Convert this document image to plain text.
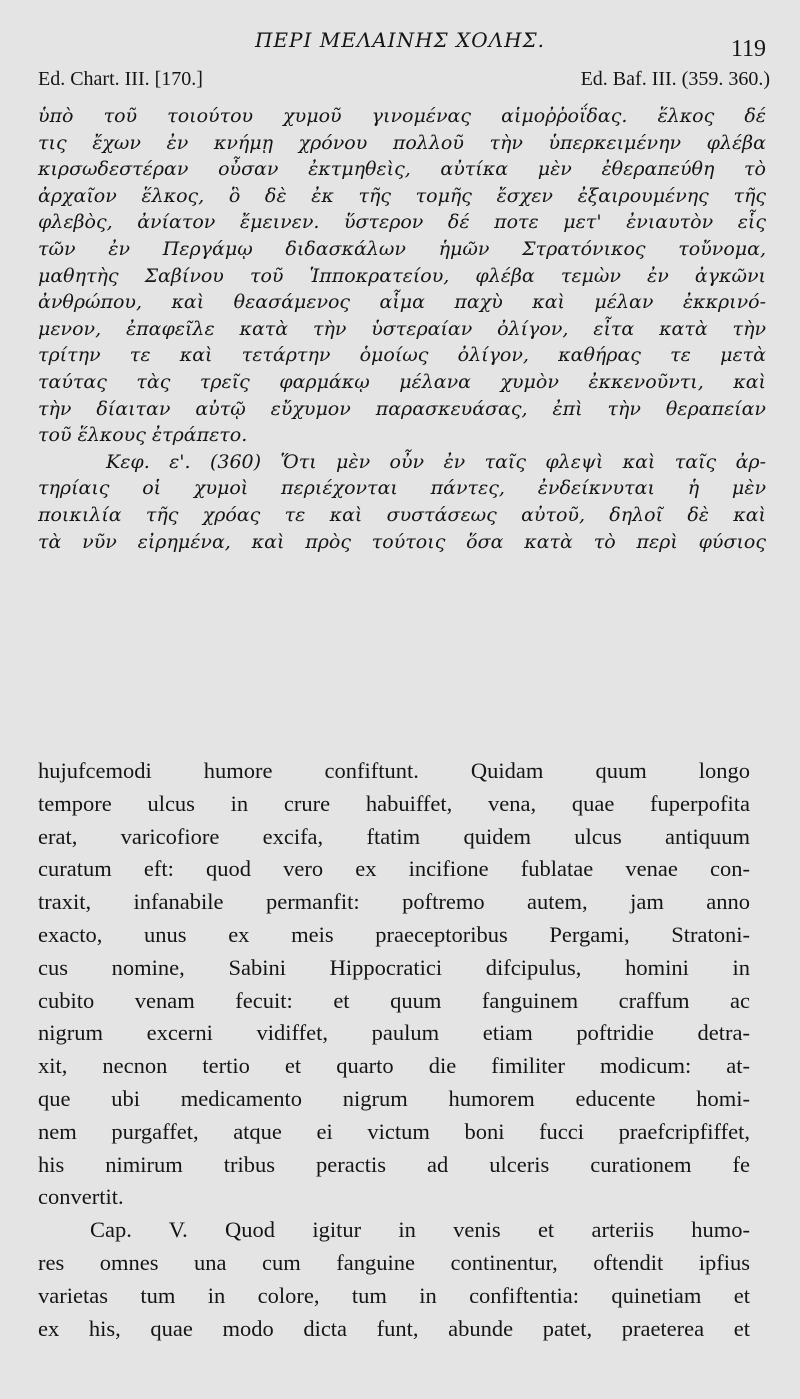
ΠΕΡΙ ΜΕΛΑΙΝΗΣ ΧΟΛΗΣ.	119
Ed. Chart. III. [170.]	Ed. Baf. III. (359. 360.)
ὑπὸ τοῦ τοιούτου χυμοῦ γινομένας αἱμοῤῥοΐδας. ἕλκος δέ
τις ἔχων ἐν κνήμῃ χρόνου πολλοῦ τὴν ὑπερκειμένην φλέβα
κιρσωδεστέραν οὖσαν ἐκτμηθεὶς, αὐτίκα μὲν ἐθεραπεύθη τὸ
ἀρχαῖον ἕλκος, ὃ δὲ ἐκ τῆς τομῆς ἔσχεν ἐξαιρουμένης τῆς
φλεβὸς, ἀνίατον ἔμεινεν. ὕστερον δέ ποτε μετ' ἐνιαυτὸν εἷς
τῶν ἐν Περγάμῳ διδασκάλων ἡμῶν Στρατόνικος τοὔνομα,
μαθητὴς Σαβίνου τοῦ Ἱπποκρατείου, φλέβα τεμὼν ἐν ἀγκῶνι
ἀνθρώπου, καὶ θεασάμενος αἷμα παχὺ καὶ μέλαν ἐκκρινό-
μενον, ἐπαφεῖλε κατὰ τὴν ὑστεραίαν ὀλίγον, εἶτα κατὰ τὴν
τρίτην τε καὶ τετάρτην ὁμοίως ὀλίγον, καθήρας τε μετὰ
ταύτας τὰς τρεῖς φαρμάκῳ μέλανα χυμὸν ἐκκενοῦντι, καὶ
τὴν δίαιταν αὐτῷ εὔχυμον παρασκευάσας, ἐπὶ τὴν θεραπείαν
τοῦ ἕλκους ἐτράπετο.
Κεφ. ε'. (360) Ὅτι μὲν οὖν ἐν ταῖς φλεψὶ καὶ ταῖς ἀρ-
τηρίαις οἱ χυμοὶ περιέχονται πάντες, ἐνδείκνυται ἡ μὲν
ποικιλία τῆς χρόας τε καὶ συστάσεως αὐτοῦ, δηλοῖ δὲ καὶ
τὰ νῦν εἰρημένα, καὶ πρὸς τούτοις ὅσα κατὰ τὸ περὶ φύσιος
hujufcemodi humore confiftunt. Quidam quum longo
tempore ulcus in crure habuiffet, vena, quae fuperpofita
erat, varicofiore excifa, ftatim quidem ulcus antiquum
curatum eft: quod vero ex incifione fublatae venae con-
traxit, infanabile permanfit: poftremo autem, jam anno
exacto, unus ex meis praeceptoribus Pergami, Stratoni-
cus nomine, Sabini Hippocratici difcipulus, homini in
cubito venam fecuit: et quum fanguinem craffum ac
nigrum excerni vidiffet, paulum etiam poftridie detra-
xit, necnon tertio et quarto die fimiliter modicum: at-
que ubi medicamento nigrum humorem educente homi-
nem purgaffet, atque ei victum boni fucci praefcripfiffet,
his nimirum tribus peractis ad ulceris curationem fe
convertit.
Cap. V. Quod igitur in venis et arteriis humo-
res omnes una cum fanguine continentur, oftendit ipfius
varietas tum in colore, tum in confiftentia: quinetiam et
ex his, quae modo dicta funt, abunde patet, praeterea et
